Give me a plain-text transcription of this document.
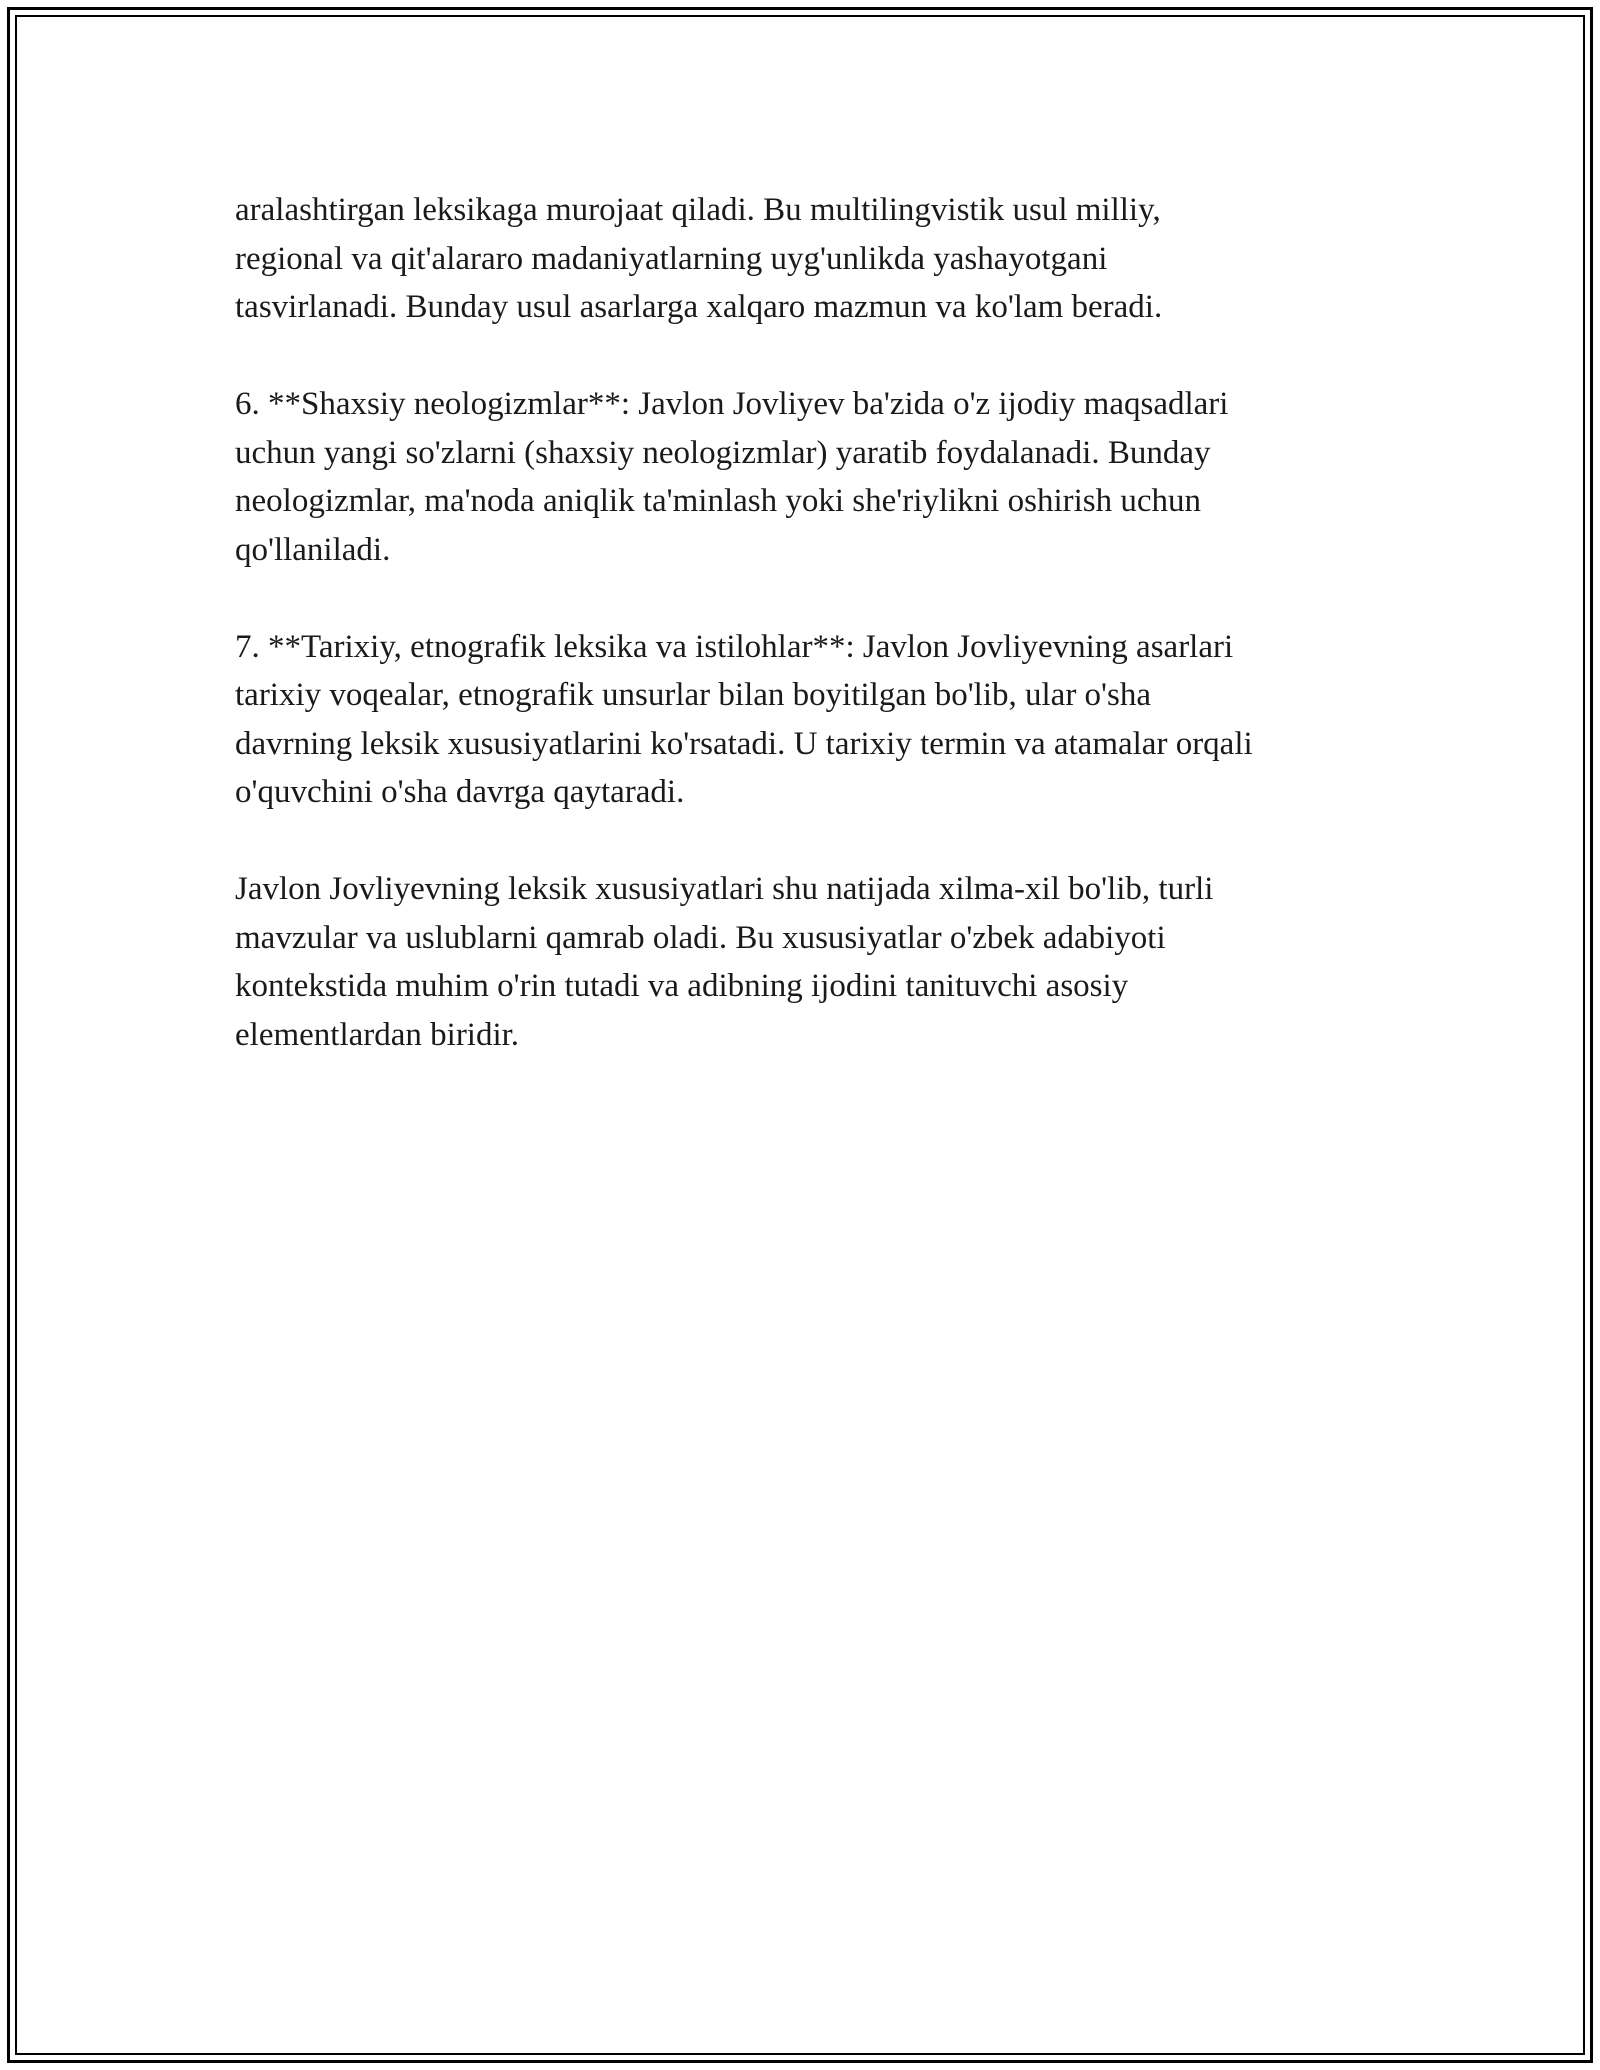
aralashtirgan leksikaga murojaat qiladi. Bu multilingvistik usul milliy,
regional va qit'alararo madaniyatlarning uyg'unlikda yashayotgani
tasvirlanadi. Bunday usul asarlarga xalqaro mazmun va ko'lam beradi.

6. **Shaxsiy neologizmlar**: Javlon Jovliyev ba'zida o'z ijodiy maqsadlari
uchun yangi so'zlarni (shaxsiy neologizmlar) yaratib foydalanadi. Bunday
neologizmlar, ma'noda aniqlik ta'minlash yoki she'riylikni oshirish uchun
qo'llaniladi.

7. **Tarixiy, etnografik leksika va istilohlar**: Javlon Jovliyevning asarlari
tarixiy voqealar, etnografik unsurlar bilan boyitilgan bo'lib, ular o'sha
davrning leksik xususiyatlarini ko'rsatadi. U tarixiy termin va atamalar orqali
o'quvchini o'sha davrga qaytaradi.

Javlon Jovliyevning leksik xususiyatlari shu natijada xilma-xil bo'lib, turli
mavzular va uslublarni qamrab oladi. Bu xususiyatlar o'zbek adabiyoti
kontekstida muhim o'rin tutadi va adibning ijodini tanituvchi asosiy
elementlardan biridir.
